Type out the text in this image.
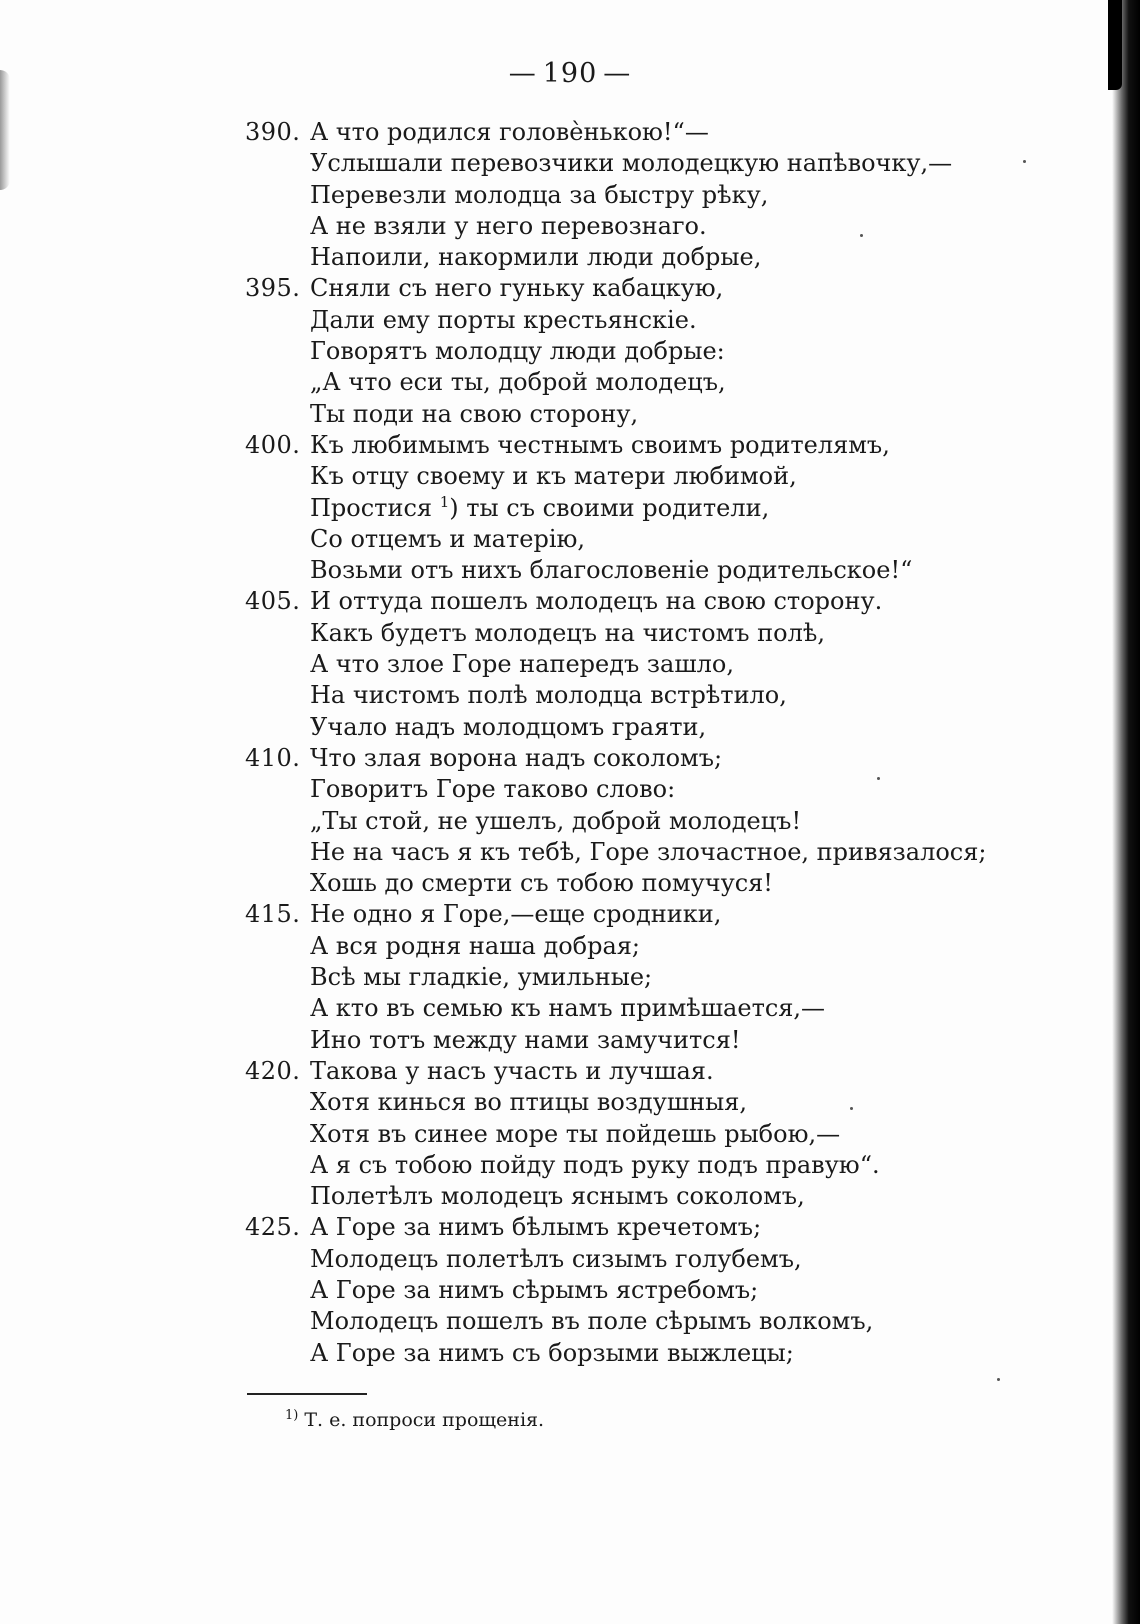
— 190 —
390. А что родился головѐнькою!“—
Услышали перевозчики молодецкую напѣвочку,—
Перевезли молодца за быстру рѣку,
А не взяли у него перевознаго.
Напоили, накормили люди добрые,
395. Сняли съ него гуньку кабацкую,
Дали ему порты крестьянскіе.
Говорятъ молодцу люди добрые:
„А что еси ты, доброй молодецъ,
Ты поди на свою сторону,
400. Къ любимымъ честнымъ своимъ родителямъ,
Къ отцу своему и къ матери любимой,
Простися $^1$) ты съ своими родители,
Со отцемъ и матерію,
Возьми отъ нихъ благословеніе родительское!“
405. И оттуда пошелъ молодецъ на свою сторону.
Какъ будетъ молодецъ на чистомъ полѣ,
А что злое Горе напередъ зашло,
На чистомъ полѣ молодца встрѣтило,
Учало надъ молодцомъ граяти,
410. Что злая ворона надъ соколомъ;
Говоритъ Горе таково слово:
„Ты стой, не ушелъ, доброй молодецъ!
Не на часъ я къ тебѣ, Горе злочастное, привязалося;
Хошь до смерти съ тобою помучуся!
415. Не одно я Горе,—еще сродники,
А вся родня наша добрая;
Всѣ мы гладкіе, умильные;
А кто въ семью къ намъ примѣшается,—
Ино тотъ между нами замучится!
420. Такова у насъ участь и лучшая.
Хотя кинься во птицы воздушныя,
Хотя въ синее море ты пойдешь рыбою,—
А я съ тобою пойду подъ руку подъ правую“.
Полетѣлъ молодецъ яснымъ соколомъ,
425. А Горе за нимъ бѣлымъ кречетомъ;
Молодецъ полетѣлъ сизымъ голубемъ,
А Горе за нимъ сѣрымъ ястребомъ;
Молодецъ пошелъ въ поле сѣрымъ волкомъ,
А Горе за нимъ съ борзыми выжлецы;
$^{1)}$ Т. е. попроси прощенія.
